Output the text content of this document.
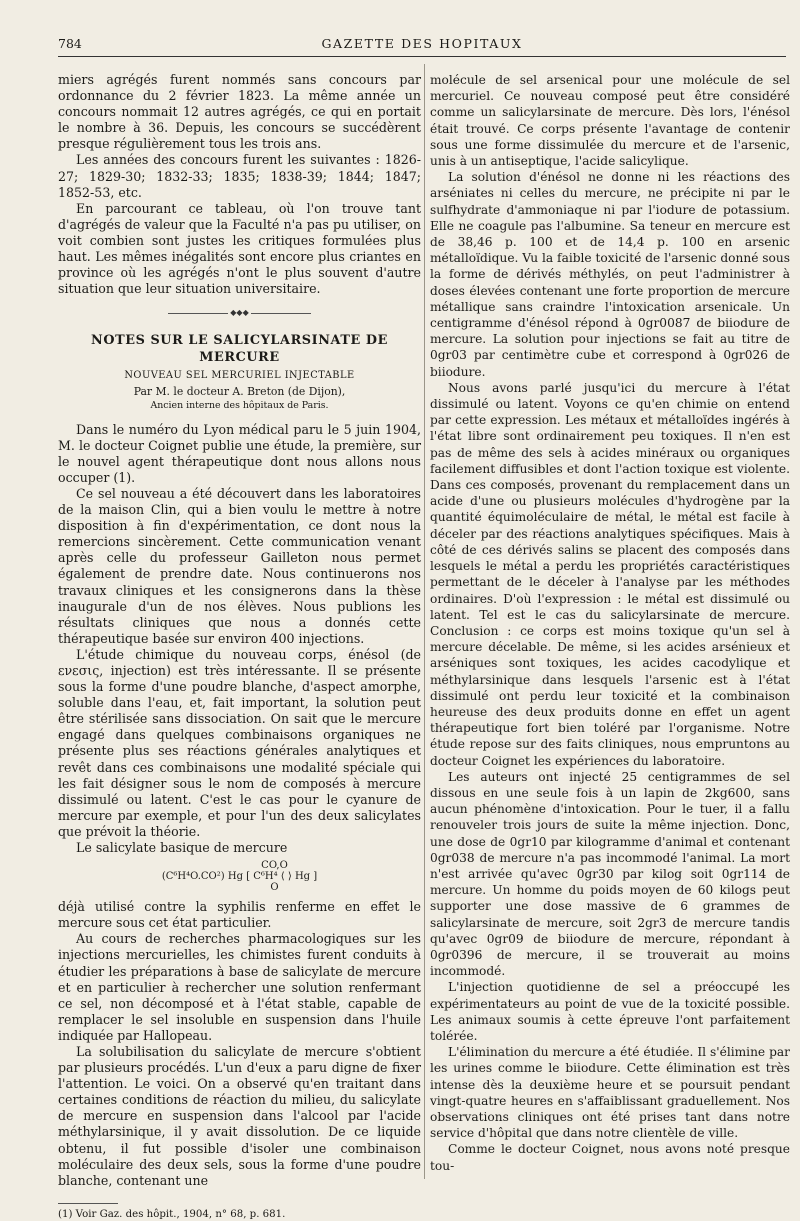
784	GAZETTE DES HOPITAUX

miers agrégés furent nommés sans concours par ordonnance du 2 février 1823. La même année un concours nommait 12 autres agrégés, ce qui en portait le nombre à 36. Depuis, les concours se succédèrent presque régulièrement tous les trois ans.

Les années des concours furent les suivantes : 1826-27; 1829-30; 1832-33; 1835; 1838-39; 1844; 1847; 1852-53, etc.

En parcourant ce tableau, où l'on trouve tant d'agrégés de valeur que la Faculté n'a pas pu utiliser, on voit combien sont justes les critiques formulées plus haut. Les mêmes inégalités sont encore plus criantes en province où les agrégés n'ont le plus souvent d'autre situation que leur situation universitaire.

◆◆◆
NOTES SUR LE SALICYLARSINATE DE MERCURE
NOUVEAU SEL MERCURIEL INJECTABLE
Par M. le docteur A. Breton (de Dijon),
Ancien interne des hôpitaux de Paris.

Dans le numéro du Lyon médical paru le 5 juin 1904, M. le docteur Coignet publie une étude, la première, sur le nouvel agent thérapeutique dont nous allons nous occuper (1).

Ce sel nouveau a été découvert dans les laboratoires de la maison Clin, qui a bien voulu le mettre à notre disposition à fin d'expérimentation, ce dont nous la remercions sincèrement. Cette communication venant après celle du professeur Gailleton nous permet également de prendre date. Nous continuerons nos travaux cliniques et les consignerons dans la thèse inaugurale d'un de nos élèves. Nous publions les résultats cliniques que nous a donnés cette thérapeutique basée sur environ 400 injections.

L'étude chimique du nouveau corps, énésol (de ενεσις, injection) est très intéressante. Il se présente sous la forme d'une poudre blanche, d'aspect amorphe, soluble dans l'eau, et, fait important, la solution peut être stérilisée sans dissociation. On sait que le mercure engagé dans quelques combinaisons organiques ne présente plus ses réactions générales analytiques et revêt dans ces combinaisons une modalité spéciale qui les fait désigner sous le nom de composés à mercure dissimulé ou latent. C'est le cas pour le cyanure de mercure par exemple, et pour l'un des deux salicylates que prévoit la théorie.

Le salicylate basique de mercure

CO,O
(C⁶H⁴O.CO²) Hg [ C⁶H⁴ ⟨ ⟩ Hg ]
O

déjà utilisé contre la syphilis renferme en effet le mercure sous cet état particulier.

Au cours de recherches pharmacologiques sur les injections mercurielles, les chimistes furent conduits à étudier les préparations à base de salicylate de mercure et en particulier à rechercher une solution renfermant ce sel, non décomposé et à l'état stable, capable de remplacer le sel insoluble en suspension dans l'huile indiquée par Hallopeau.

La solubilisation du salicylate de mercure s'obtient par plusieurs procédés. L'un d'eux a paru digne de fixer l'attention. Le voici. On a observé qu'en traitant dans certaines conditions de réaction du milieu, du salicylate de mercure en suspension dans l'alcool par l'acide méthylarsinique, il y avait dissolution. De ce liquide obtenu, il fut possible d'isoler une combinaison moléculaire des deux sels, sous la forme d'une poudre blanche, contenant une

(1) Voir Gaz. des hôpit., 1904, n° 68, p. 681.

molécule de sel arsenical pour une molécule de sel mercuriel. Ce nouveau composé peut être considéré comme un salicylarsinate de mercure. Dès lors, l'énésol était trouvé. Ce corps présente l'avantage de contenir sous une forme dissimulée du mercure et de l'arsenic, unis à un antiseptique, l'acide salicylique.

La solution d'énésol ne donne ni les réactions des arséniates ni celles du mercure, ne précipite ni par le sulfhydrate d'ammoniaque ni par l'iodure de potassium. Elle ne coagule pas l'albumine. Sa teneur en mercure est de 38,46 p. 100 et de 14,4 p. 100 en arsenic métalloïdique. Vu la faible toxicité de l'arsenic donné sous la forme de dérivés méthylés, on peut l'administrer à doses élevées contenant une forte proportion de mercure métallique sans craindre l'intoxication arsenicale. Un centigramme d'énésol répond à 0gr0087 de biiodure de mercure. La solution pour injections se fait au titre de 0gr03 par centimètre cube et correspond à 0gr026 de biiodure.

Nous avons parlé jusqu'ici du mercure à l'état dissimulé ou latent. Voyons ce qu'en chimie on entend par cette expression. Les métaux et métalloïdes ingérés à l'état libre sont ordinairement peu toxiques. Il n'en est pas de même des sels à acides minéraux ou organiques facilement diffusibles et dont l'action toxique est violente. Dans ces composés, provenant du remplacement dans un acide d'une ou plusieurs molécules d'hydrogène par la quantité équimoléculaire de métal, le métal est facile à déceler par des réactions analytiques spécifiques. Mais à côté de ces dérivés salins se placent des composés dans lesquels le métal a perdu les propriétés caractéristiques permettant de le déceler à l'analyse par les méthodes ordinaires. D'où l'expression : le métal est dissimulé ou latent. Tel est le cas du salicylarsinate de mercure. Conclusion : ce corps est moins toxique qu'un sel à mercure décelable. De même, si les acides arsénieux et arséniques sont toxiques, les acides cacodylique et méthylarsinique dans lesquels l'arsenic est à l'état dissimulé ont perdu leur toxicité et la combinaison heureuse des deux produits donne en effet un agent thérapeutique fort bien toléré par l'organisme. Notre étude repose sur des faits cliniques, nous empruntons au docteur Coignet les expériences du laboratoire.

Les auteurs ont injecté 25 centigrammes de sel dissous en une seule fois à un lapin de 2kg600, sans aucun phénomène d'intoxication. Pour le tuer, il a fallu renouveler trois jours de suite la même injection. Donc, une dose de 0gr10 par kilogramme d'animal et contenant 0gr038 de mercure n'a pas incommodé l'animal. La mort n'est arrivée qu'avec 0gr30 par kilog soit 0gr114 de mercure. Un homme du poids moyen de 60 kilogs peut supporter une dose massive de 6 grammes de salicylarsinate de mercure, soit 2gr3 de mercure tandis qu'avec 0gr09 de biiodure de mercure, répondant à 0gr0396 de mercure, il se trouverait au moins incommodé.

L'injection quotidienne de sel a préoccupé les expérimentateurs au point de vue de la toxicité possible. Les animaux soumis à cette épreuve l'ont parfaitement tolérée.

L'élimination du mercure a été étudiée. Il s'élimine par les urines comme le biiodure. Cette élimination est très intense dès la deuxième heure et se poursuit pendant vingt-quatre heures en s'affaiblissant graduellement. Nos observations cliniques ont été prises tant dans notre service d'hôpital que dans notre clientèle de ville.

Comme le docteur Coignet, nous avons noté presque tou-
